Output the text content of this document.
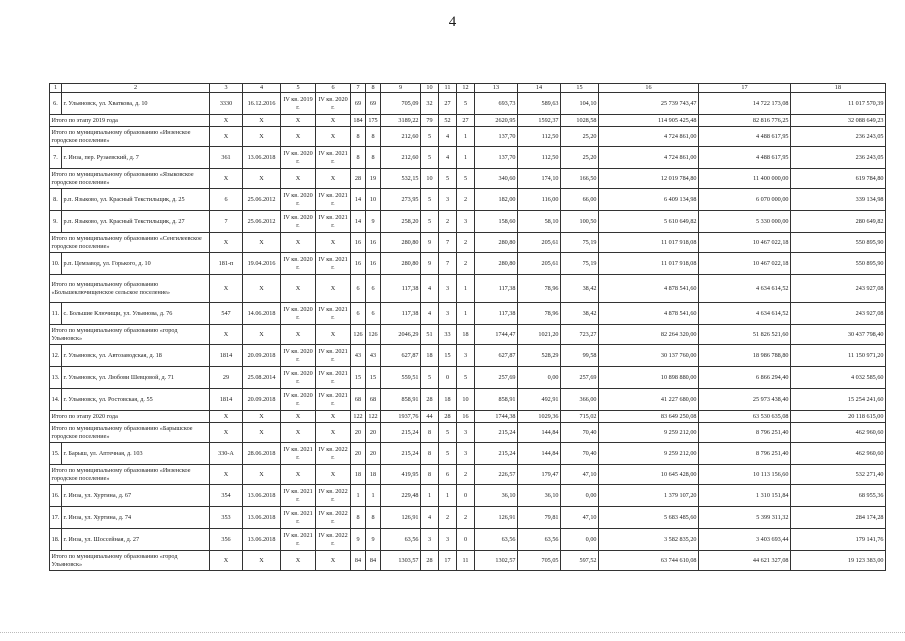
4
1	2	3	4	5	6	7	8	9	10	11	12	13	14	15	16	17	18
6.	г. Ульяновск, ул. Хваткова, д. 10	3330	16.12.2016	IV кв. 2019 г.	IV кв. 2020 г.	69	69	705,09	32	27	5	693,73	589,63	104,10	25 739 743,47	14 722 173,08	11 017 570,39
Итого по этапу 2019 года		X	X	X	X	184	175	3189,22	79	52	27	2620,95	1592,37	1028,58	114 905 425,48	82 816 776,25	32 088 649,23
Итого по муниципальному образованию «Инзенское городское поселение»		X	X	X	X	8	8	212,60	5	4	1	137,70	112,50	25,20	4 724 861,00	4 488 617,95	236 243,05
7.	г. Инза, пер. Рузаевский, д. 7	361	13.06.2018	IV кв. 2020 г.	IV кв. 2021 г.	8	8	212,60	5	4	1	137,70	112,50	25,20	4 724 861,00	4 488 617,95	236 243,05
Итого по муниципальному образованию «Языковское городское поселение»		X	X	X	X	28	19	532,15	10	5	5	340,60	174,10	166,50	12 019 784,80	11 400 000,00	619 784,80
8.	р.п. Языково, ул. Красный Текстильщик, д. 25	6	25.06.2012	IV кв. 2020 г.	IV кв. 2021 г.	14	10	273,95	5	3	2	182,00	116,00	66,00	6 409 134,98	6 070 000,00	339 134,98
9.	р.п. Языково, ул. Красный Текстильщик, д. 27	7	25.06.2012	IV кв. 2020 г.	IV кв. 2021 г.	14	9	258,20	5	2	3	158,60	58,10	100,50	5 610 649,82	5 330 000,00	280 649,82
Итого по муниципальному образованию «Сенгилеевское городское поселение»		X	X	X	X	16	16	280,80	9	7	2	280,80	205,61	75,19	11 017 918,08	10 467 022,18	550 895,90
10.	р.п. Цемзавод, ул. Горького, д. 10	181-п	19.04.2016	IV кв. 2020 г.	IV кв. 2021 г.	16	16	280,80	9	7	2	280,80	205,61	75,19	11 017 918,08	10 467 022,18	550 895,90
Итого по муниципальному образованию «Большеключищенское сельское поселение»		X	X	X	X	6	6	117,38	4	3	1	117,38	78,96	38,42	4 878 541,60	4 634 614,52	243 927,08
11.	с. Большие Ключищи, ул. Ульянова, д. 76	547	14.06.2018	IV кв. 2020 г.	IV кв. 2021 г.	6	6	117,38	4	3	1	117,38	78,96	38,42	4 878 541,60	4 634 614,52	243 927,08
Итого по муниципальному образованию «город Ульяновск»		X	X	X	X	126	126	2046,29	51	33	18	1744,47	1021,20	723,27	82 264 320,00	51 826 521,60	30 437 798,40
12.	г. Ульяновск, ул. Автозаводская, д. 18	1814	20.09.2018	IV кв. 2020 г.	IV кв. 2021 г.	43	43	627,87	18	15	3	627,87	528,29	99,58	30 137 760,00	18 986 788,80	11 150 971,20
13.	г. Ульяновск, ул. Любови Шевцовой, д. 71	29	25.08.2014	IV кв. 2020 г.	IV кв. 2021 г.	15	15	559,51	5	0	5	257,69	0,00	257,69	10 898 880,00	6 866 294,40	4 032 585,60
14.	г. Ульяновск, ул. Ростовская, д. 55	1814	20.09.2018	IV кв. 2020 г.	IV кв. 2021 г.	68	68	858,91	28	18	10	858,91	492,91	366,00	41 227 680,00	25 973 438,40	15 254 241,60
Итого по этапу 2020 года		X	X	X	X	122	122	1937,76	44	28	16	1744,38	1029,36	715,02	83 649 250,08	63 530 635,08	20 118 615,00
Итого по муниципальному образованию «Барышское городское поселение»		X	X	X	X	20	20	215,24	8	5	3	215,24	144,84	70,40	9 259 212,00	8 796 251,40	462 960,60
15.	г. Барыш, ул. Аптечная, д. 103	330-А	28.06.2018	IV кв. 2021 г.	IV кв. 2022 г.	20	20	215,24	8	5	3	215,24	144,84	70,40	9 259 212,00	8 796 251,40	462 960,60
Итого по муниципальному образованию «Инзенское городское поселение»		X	X	X	X	18	18	419,95	8	6	2	226,57	179,47	47,10	10 645 428,00	10 113 156,60	532 271,40
16.	г. Инза, ул. Хуртина, д. 67	354	13.06.2018	IV кв. 2021 г.	IV кв. 2022 г.	1	1	229,48	1	1	0	36,10	36,10	0,00	1 379 107,20	1 310 151,84	68 955,36
17.	г. Инза, ул. Хуртина, д. 74	353	13.06.2018	IV кв. 2021 г.	IV кв. 2022 г.	8	8	126,91	4	2	2	126,91	79,81	47,10	5 683 485,60	5 399 311,32	284 174,28
18.	г. Инза, ул. Шоссейная, д. 27	356	13.06.2018	IV кв. 2021 г.	IV кв. 2022 г.	9	9	63,56	3	3	0	63,56	63,56	0,00	3 582 835,20	3 403 693,44	179 141,76
Итого по муниципальному образованию «город Ульяновск»		X	X	X	X	84	84	1303,57	28	17	11	1302,57	705,05	597,52	63 744 610,08	44 621 327,08	19 123 383,00
